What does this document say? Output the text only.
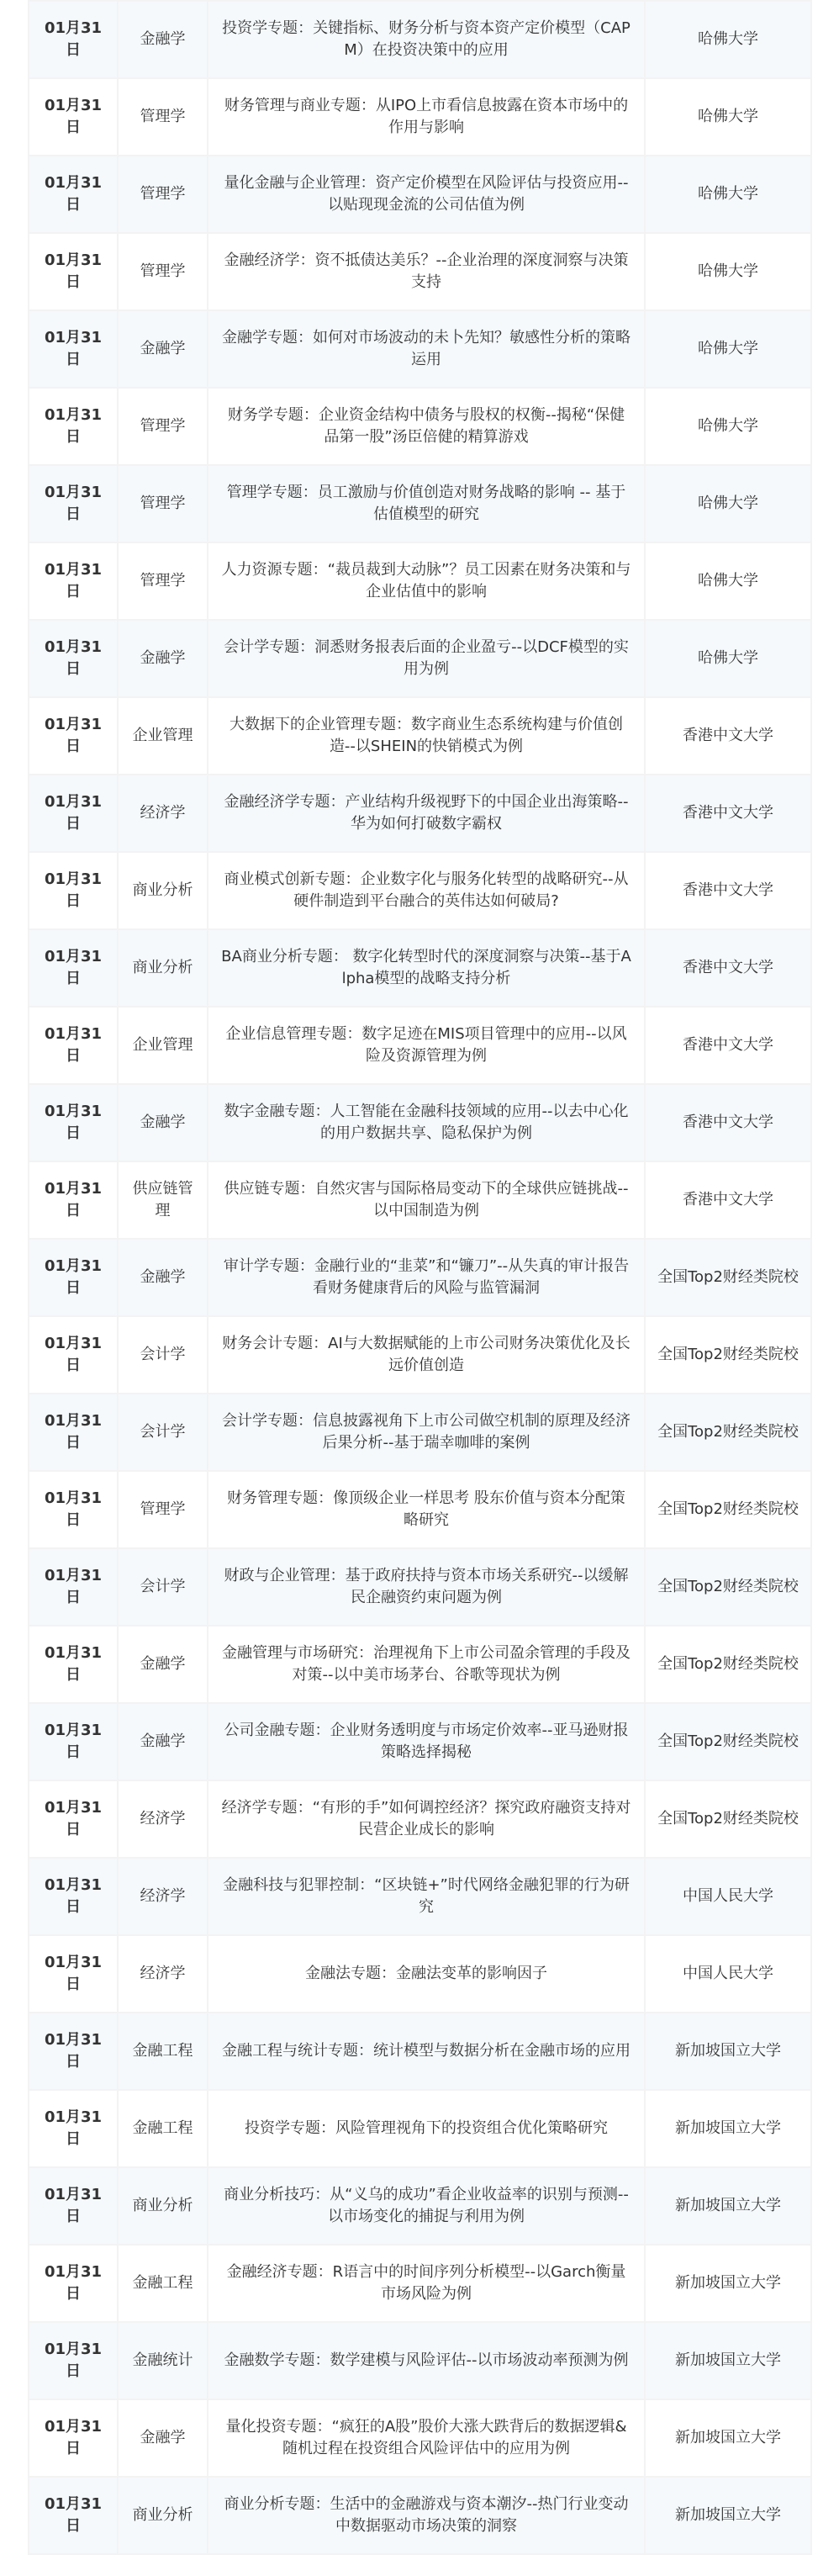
01月31日	金融学	投资学专题：关键指标、财务分析与资本资产定价模型（CAPM）在投资决策中的应用	哈佛大学
01月31日	管理学	财务管理与商业专题：从IPO上市看信息披露在资本市场中的作用与影响	哈佛大学
01月31日	管理学	量化金融与企业管理：资产定价模型在风险评估与投资应用--以贴现现金流的公司估值为例	哈佛大学
01月31日	管理学	金融经济学：资不抵债达美乐？--企业治理的深度洞察与决策支持	哈佛大学
01月31日	金融学	金融学专题：如何对市场波动的未卜先知？敏感性分析的策略运用	哈佛大学
01月31日	管理学	财务学专题：企业资金结构中债务与股权的权衡--揭秘“保健品第一股”汤臣倍健的精算游戏	哈佛大学
01月31日	管理学	管理学专题：员工激励与价值创造对财务战略的影响 -- 基于估值模型的研究	哈佛大学
01月31日	管理学	人力资源专题：“裁员裁到大动脉”？员工因素在财务决策和与企业估值中的影响	哈佛大学
01月31日	金融学	会计学专题：洞悉财务报表后面的企业盈亏--以DCF模型的实用为例	哈佛大学
01月31日	企业管理	大数据下的企业管理专题：数字商业生态系统构建与价值创造--以SHEIN的快销模式为例	香港中文大学
01月31日	经济学	金融经济学专题：产业结构升级视野下的中国企业出海策略--华为如何打破数字霸权	香港中文大学
01月31日	商业分析	商业模式创新专题：企业数字化与服务化转型的战略研究--从硬件制造到平台融合的英伟达如何破局?	香港中文大学
01月31日	商业分析	BA商业分析专题： 数字化转型时代的深度洞察与决策--基于Alpha模型的战略支持分析	香港中文大学
01月31日	企业管理	企业信息管理专题：数字足迹在MIS项目管理中的应用--以风险及资源管理为例	香港中文大学
01月31日	金融学	数字金融专题：人工智能在金融科技领域的应用--以去中心化的用户数据共享、隐私保护为例	香港中文大学
01月31日	供应链管理	供应链专题：自然灾害与国际格局变动下的全球供应链挑战--以中国制造为例	香港中文大学
01月31日	金融学	审计学专题：金融行业的“韭菜”和“镰刀”--从失真的审计报告看财务健康背后的风险与监管漏洞	全国Top2财经类院校
01月31日	会计学	财务会计专题：AI与大数据赋能的上市公司财务决策优化及长远价值创造	全国Top2财经类院校
01月31日	会计学	会计学专题：信息披露视角下上市公司做空机制的原理及经济后果分析--基于瑞幸咖啡的案例	全国Top2财经类院校
01月31日	管理学	财务管理专题：像顶级企业一样思考 股东价值与资本分配策略研究	全国Top2财经类院校
01月31日	会计学	财政与企业管理：基于政府扶持与资本市场关系研究--以缓解民企融资约束问题为例	全国Top2财经类院校
01月31日	金融学	金融管理与市场研究：治理视角下上市公司盈余管理的手段及对策--以中美市场茅台、谷歌等现状为例	全国Top2财经类院校
01月31日	金融学	公司金融专题：企业财务透明度与市场定价效率--亚马逊财报策略选择揭秘	全国Top2财经类院校
01月31日	经济学	经济学专题：“有形的手”如何调控经济？探究政府融资支持对民营企业成长的影响	全国Top2财经类院校
01月31日	经济学	金融科技与犯罪控制：“区块链+”时代网络金融犯罪的行为研究	中国人民大学
01月31日	经济学	金融法专题：金融法变革的影响因子	中国人民大学
01月31日	金融工程	金融工程与统计专题：统计模型与数据分析在金融市场的应用	新加坡国立大学
01月31日	金融工程	投资学专题：风险管理视角下的投资组合优化策略研究	新加坡国立大学
01月31日	商业分析	商业分析技巧：从“义乌的成功”看企业收益率的识别与预测--以市场变化的捕捉与利用为例	新加坡国立大学
01月31日	金融工程	金融经济专题：R语言中的时间序列分析模型--以Garch衡量市场风险为例	新加坡国立大学
01月31日	金融统计	金融数学专题：数学建模与风险评估--以市场波动率预测为例	新加坡国立大学
01月31日	金融学	量化投资专题：“疯狂的A股”股价大涨大跌背后的数据逻辑&随机过程在投资组合风险评估中的应用为例	新加坡国立大学
01月31日	商业分析	商业分析专题：生活中的金融游戏与资本潮汐--热门行业变动中数据驱动市场决策的洞察	新加坡国立大学
